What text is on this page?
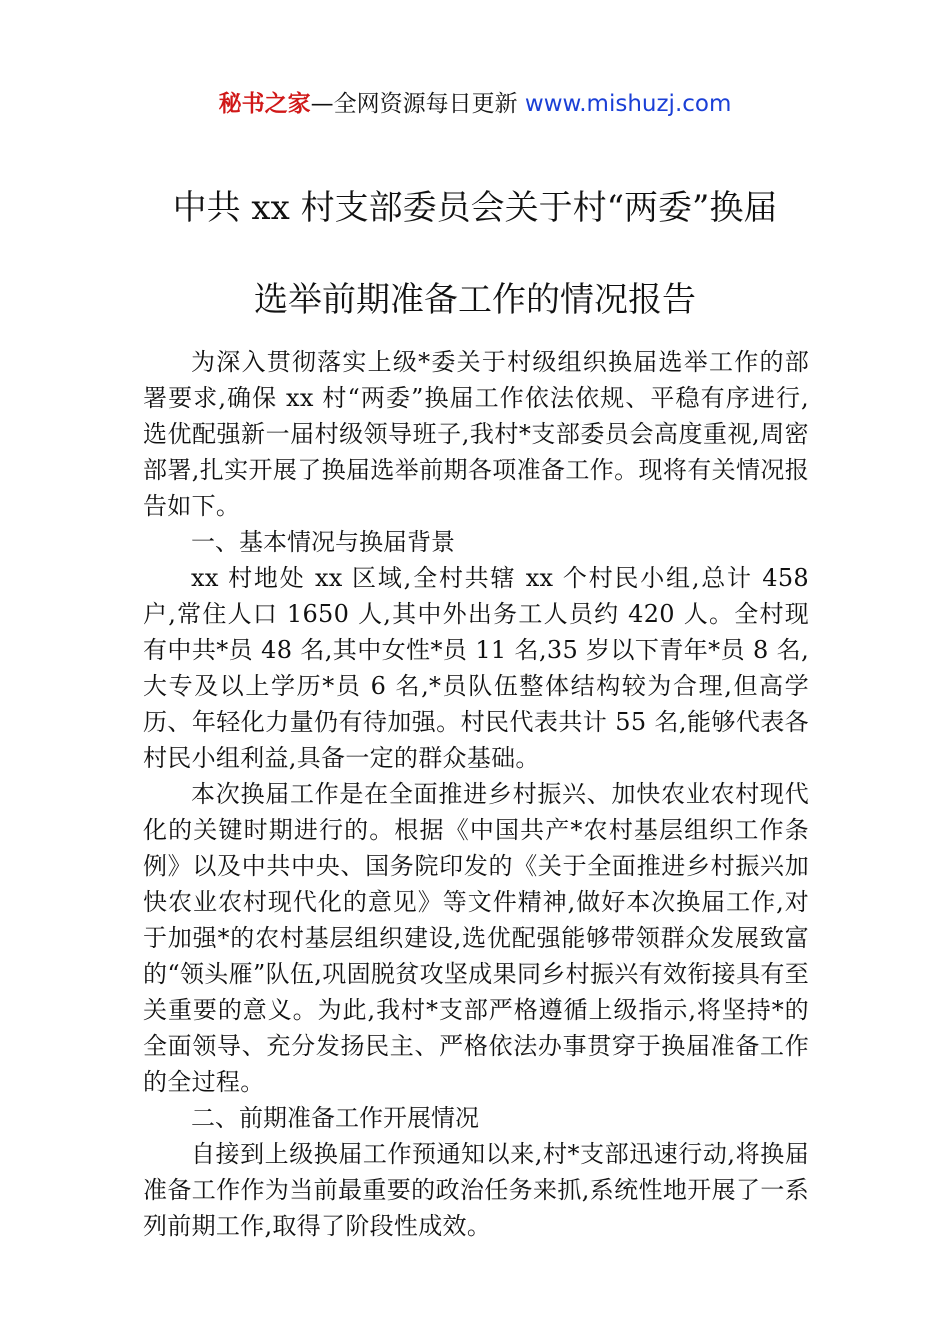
秘书之家—全网资源每日更新 www.mishuzj.com
中共 xx 村支部委员会关于村“两委”换届
选举前期准备工作的情况报告

为深入贯彻落实上级*委关于村级组织换届选举工作的部署要求,确保 xx 村“两委”换届工作依法依规、平稳有序进行,选优配强新一届村级领导班子,我村*支部委员会高度重视,周密部署,扎实开展了换届选举前期各项准备工作。现将有关情况报告如下。

一、基本情况与换届背景

xx 村地处 xx 区域,全村共辖 xx 个村民小组,总计 458 户,常住人口 1650 人,其中外出务工人员约 420 人。全村现有中共*员 48 名,其中女性*员 11 名,35 岁以下青年*员 8 名,大专及以上学历*员 6 名,*员队伍整体结构较为合理,但高学历、年轻化力量仍有待加强。村民代表共计 55 名,能够代表各村民小组利益,具备一定的群众基础。

本次换届工作是在全面推进乡村振兴、加快农业农村现代化的关键时期进行的。根据《中国共产*农村基层组织工作条例》以及中共中央、国务院印发的《关于全面推进乡村振兴加快农业农村现代化的意见》等文件精神,做好本次换届工作,对于加强*的农村基层组织建设,选优配强能够带领群众发展致富的“领头雁”队伍,巩固脱贫攻坚成果同乡村振兴有效衔接具有至关重要的意义。为此,我村*支部严格遵循上级指示,将坚持*的全面领导、充分发扬民主、严格依法办事贯穿于换届准备工作的全过程。

二、前期准备工作开展情况

自接到上级换届工作预通知以来,村*支部迅速行动,将换届准备工作作为当前最重要的政治任务来抓,系统性地开展了一系列前期工作,取得了阶段性成效。
